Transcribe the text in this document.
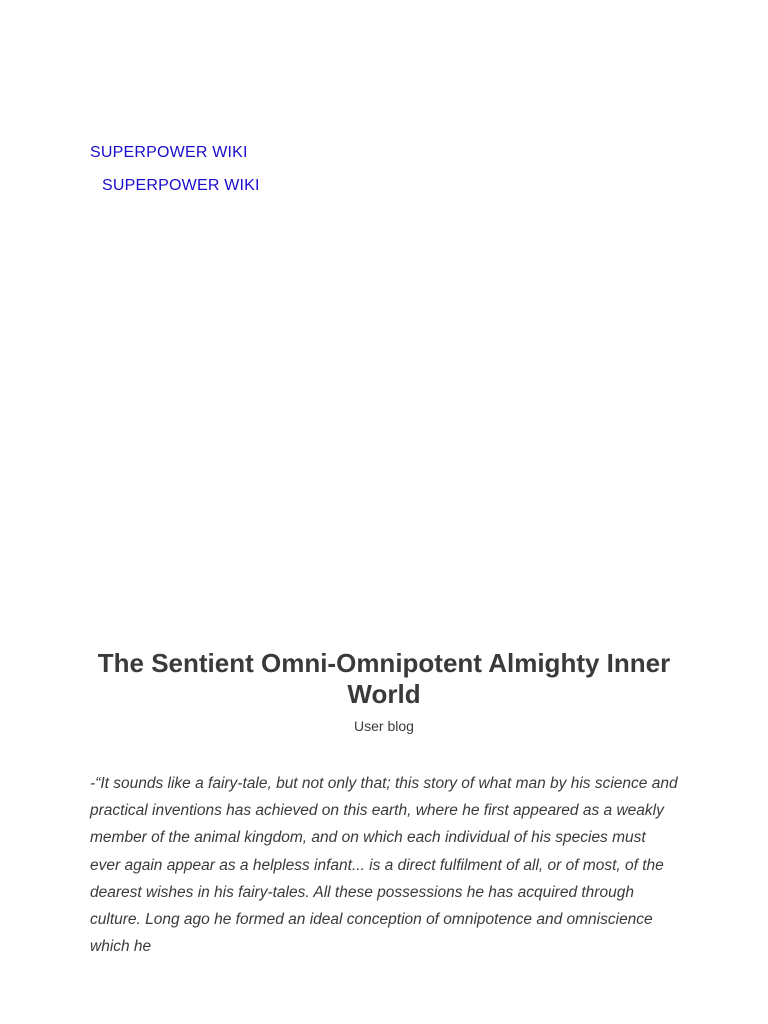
SUPERPOWER WIKI
SUPERPOWER WIKI
The Sentient Omni-Omnipotent Almighty Inner World
User blog

-“It sounds like a fairy-tale, but not only that; this story of what man by his science and practical inventions has achieved on this earth, where he first appeared as a weakly member of the animal kingdom, and on which each individual of his species must ever again appear as a helpless infant... is a direct fulfilment of all, or of most, of the dearest wishes in his fairy-tales. All these possessions he has acquired through culture. Long ago he formed an ideal conception of omnipotence and omniscience which he
